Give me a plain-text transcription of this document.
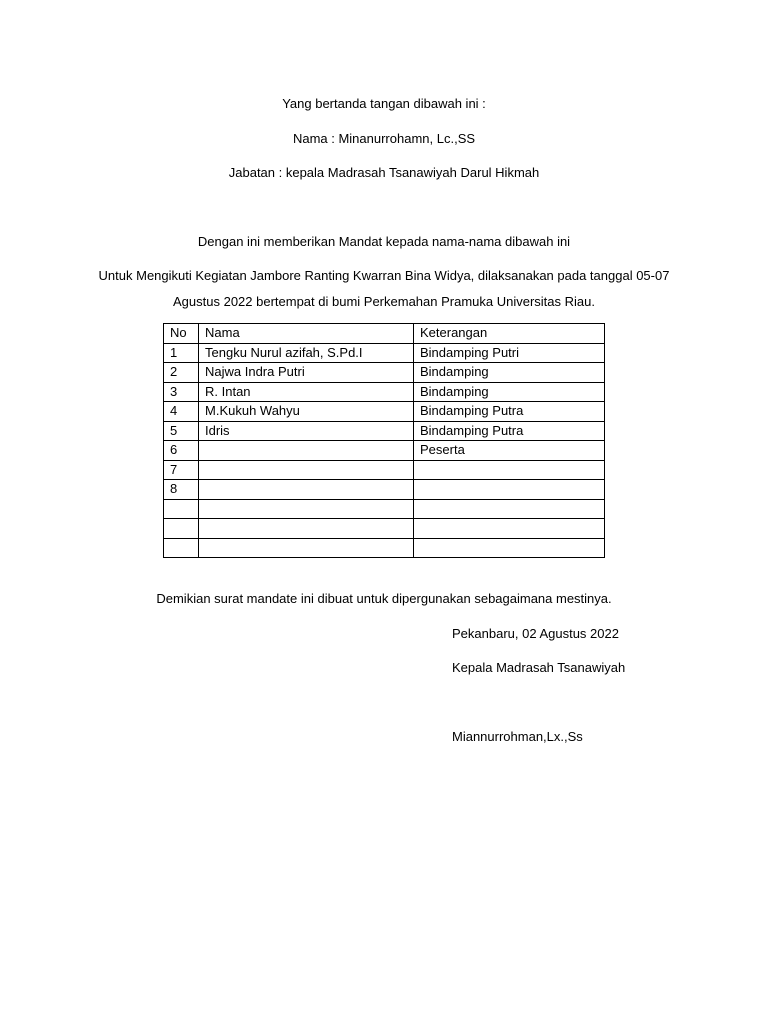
Yang bertanda tangan dibawah ini :
Nama : Minanurrohamn, Lc.,SS
Jabatan : kepala Madrasah Tsanawiyah Darul Hikmah
Dengan ini memberikan Mandat kepada nama-nama dibawah ini
Untuk Mengikuti Kegiatan Jambore Ranting Kwarran Bina Widya, dilaksanakan pada tanggal 05-07 Agustus 2022 bertempat di bumi Perkemahan Pramuka Universitas Riau.
No	Nama	Keterangan
1	Tengku Nurul azifah, S.Pd.I	Bindamping Putri
2	Najwa Indra Putri	Bindamping
3	R. Intan	Bindamping
4	M.Kukuh Wahyu	Bindamping Putra
5	Idris	Bindamping Putra
6		Peserta
7		
8		

Demikian surat mandate ini dibuat untuk dipergunakan sebagaimana mestinya.
Pekanbaru, 02 Agustus 2022
Kepala Madrasah Tsanawiyah
Miannurrohman,Lx.,Ss
